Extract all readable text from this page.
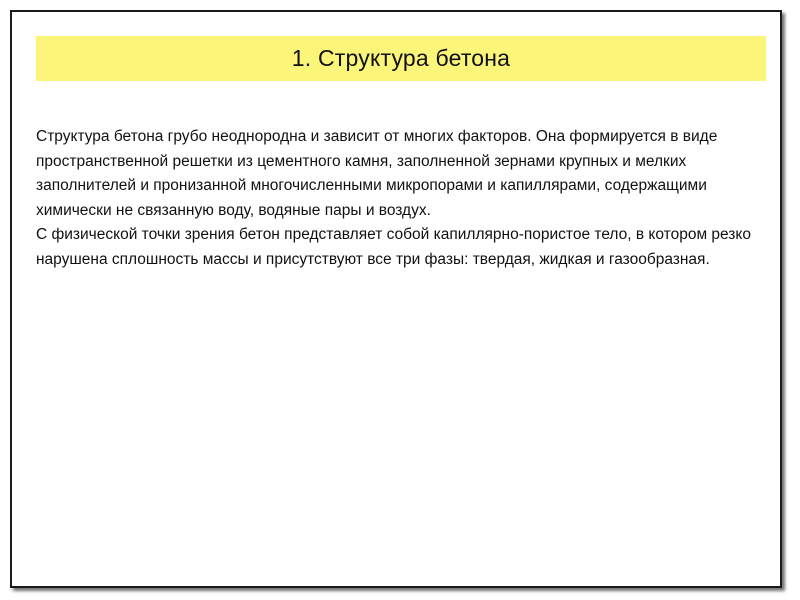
1. Структура бетона

Структура бетона грубо неоднородна и зависит от многих факторов. Она формируется в виде пространственной решетки из цементного камня, заполненной зернами крупных и мелких заполнителей и пронизанной многочисленными микропорами и капиллярами, содержащими химически не связанную воду, водяные пары и воздух.

С физической точки зрения бетон представляет собой капиллярно-пористое тело, в котором резко нарушена сплошность массы и присутствуют все три фазы: твердая, жидкая и газообразная.
